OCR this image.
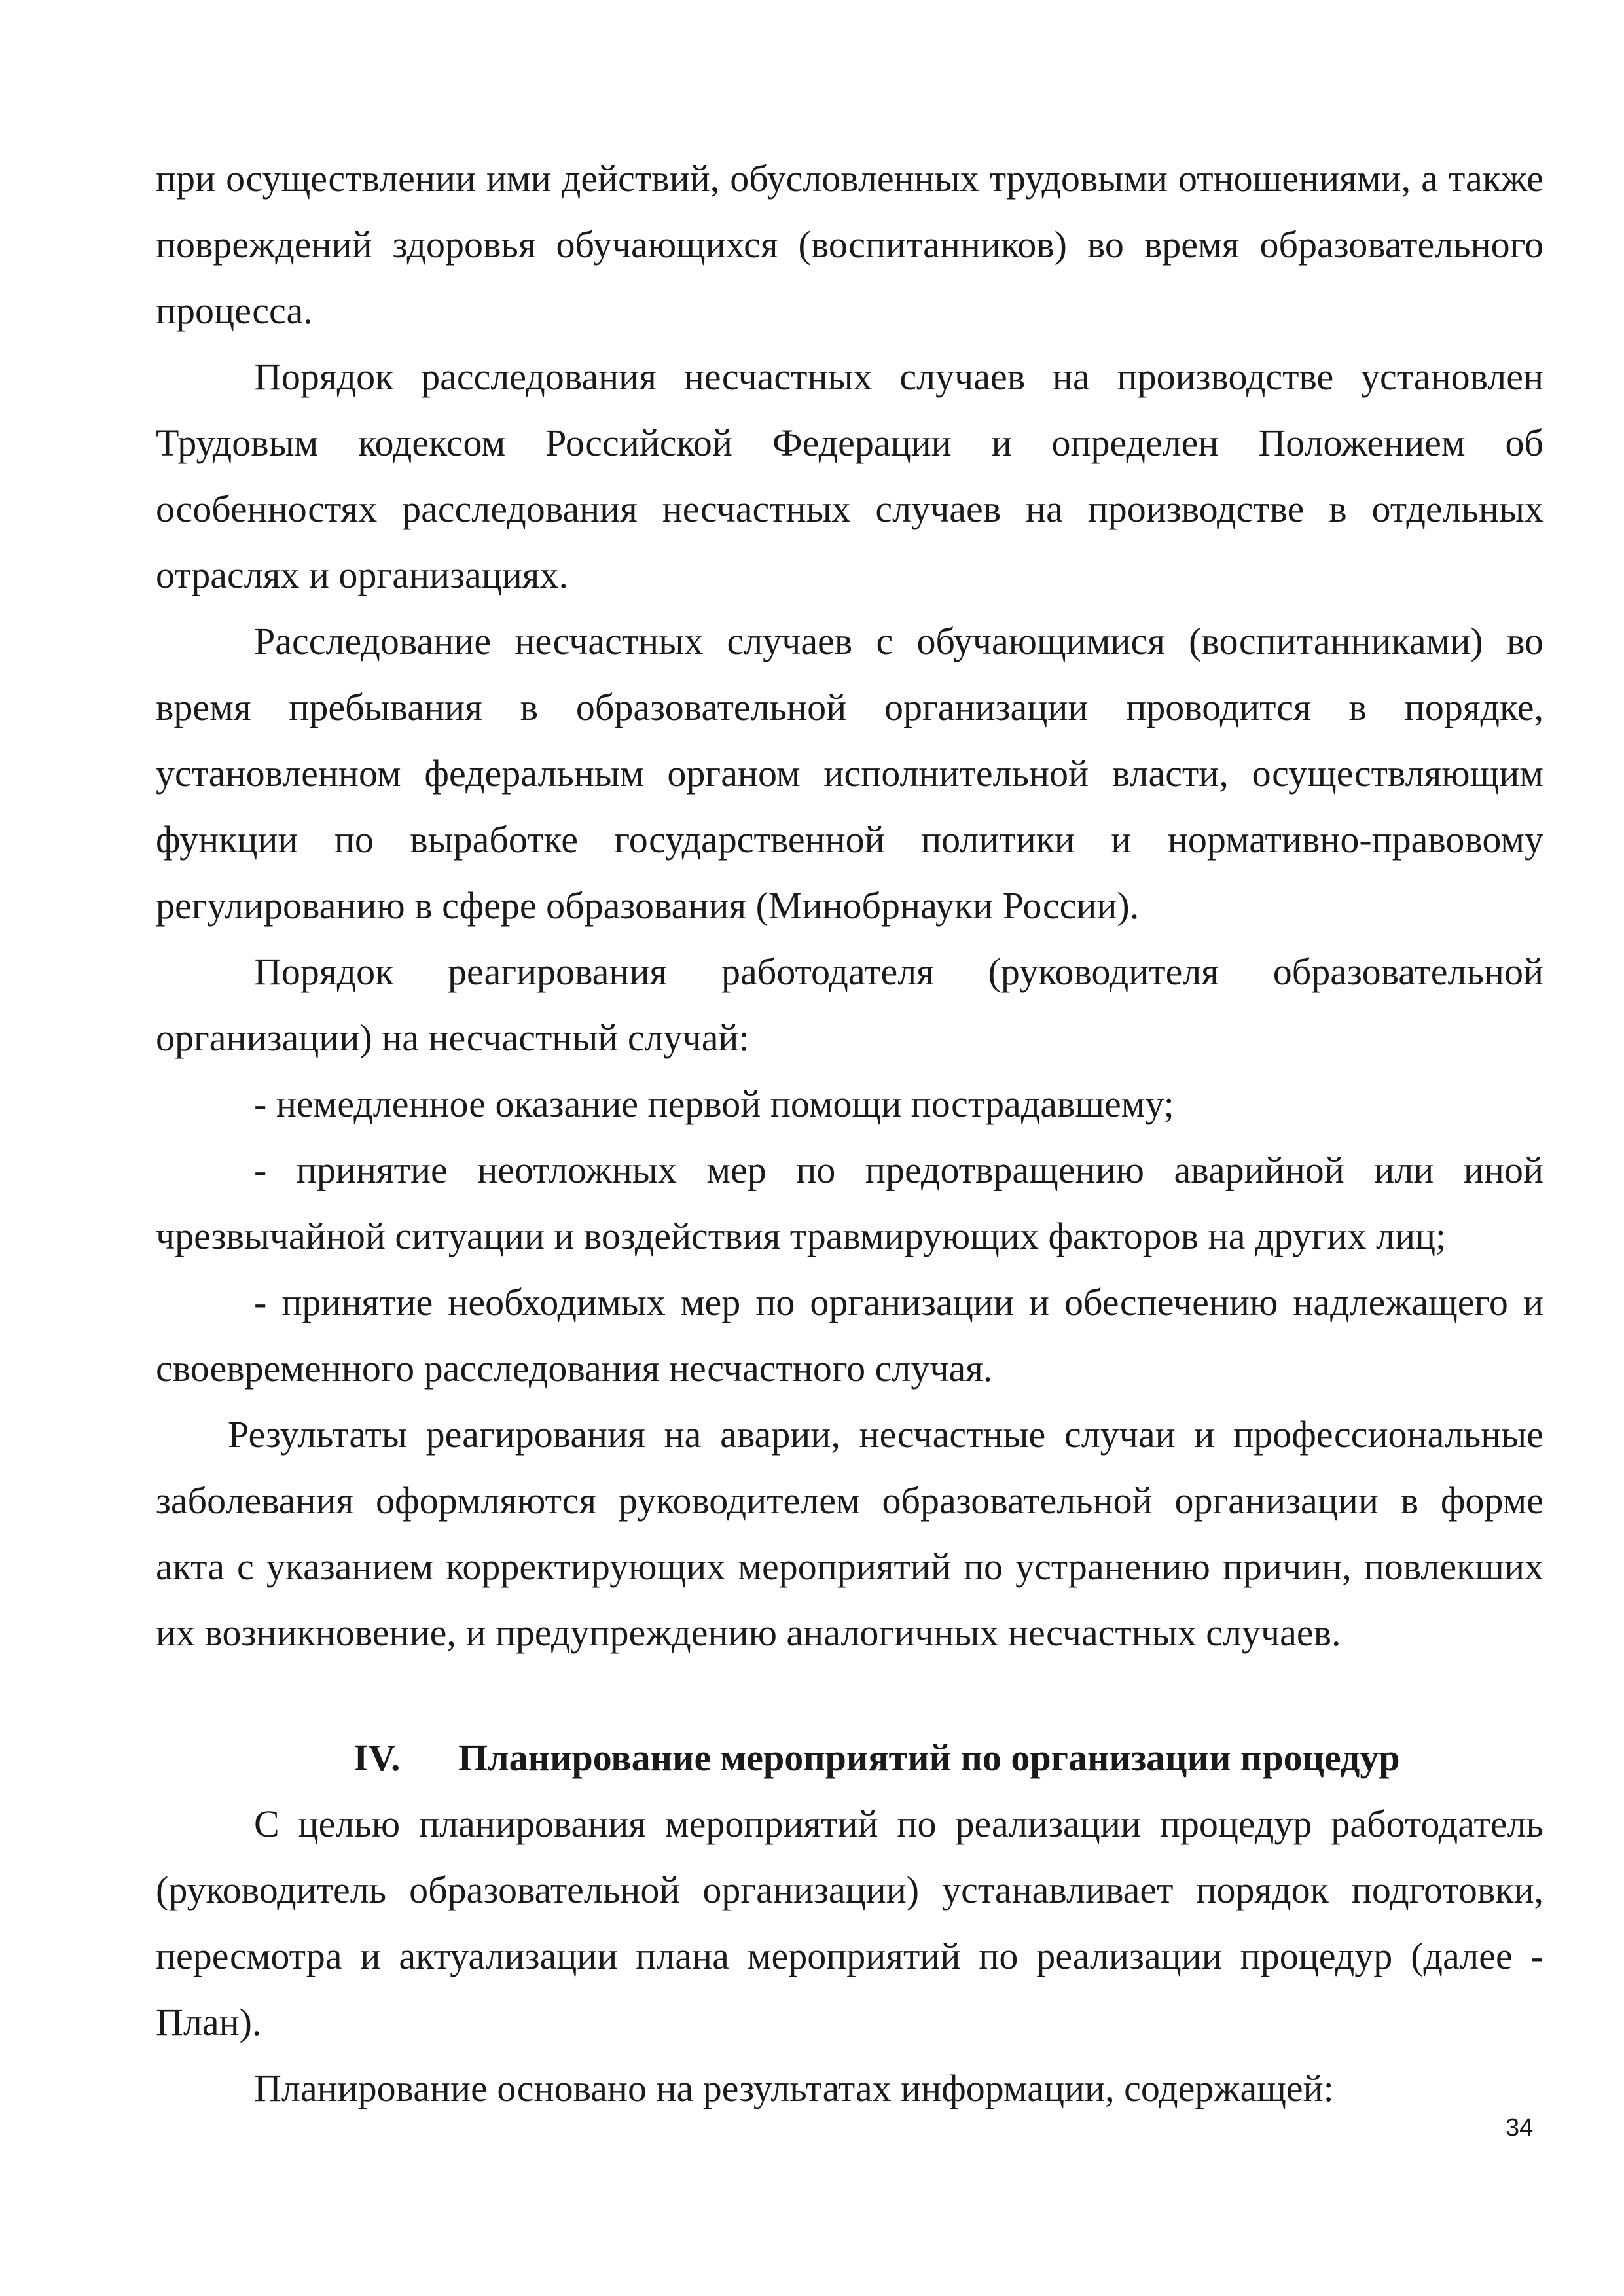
при осуществлении ими действий, обусловленных трудовыми отношениями, а также повреждений здоровья обучающихся (воспитанников) во время образовательного процесса.

Порядок расследования несчастных случаев на производстве установлен Трудовым кодексом Российской Федерации и определен Положением об особенностях расследования несчастных случаев на производстве в отдельных отраслях и организациях.

Расследование несчастных случаев с обучающимися (воспитанниками) во время пребывания в образовательной организации проводится в порядке, установленном федеральным органом исполнительной власти, осуществляющим функции по выработке государственной политики и нормативно-правовому регулированию в сфере образования (Минобрнауки России).

Порядок реагирования работодателя (руководителя образовательной организации) на несчастный случай:

- немедленное оказание первой помощи пострадавшему;

- принятие неотложных мер по предотвращению аварийной или иной чрезвычайной ситуации и воздействия травмирующих факторов на других лиц;

- принятие необходимых мер по организации и обеспечению надлежащего и своевременного расследования несчастного случая.

Результаты реагирования на аварии, несчастные случаи и профессиональные заболевания оформляются руководителем образовательной организации в форме акта с указанием корректирующих мероприятий по устранению причин, повлекших их возникновение, и предупреждению аналогичных несчастных случаев.

IV. Планирование мероприятий по организации процедур

С целью планирования мероприятий по реализации процедур работодатель (руководитель образовательной организации) устанавливает порядок подготовки, пересмотра и актуализации плана мероприятий по реализации процедур (далее - План).

Планирование основано на результатах информации, содержащей:

34
